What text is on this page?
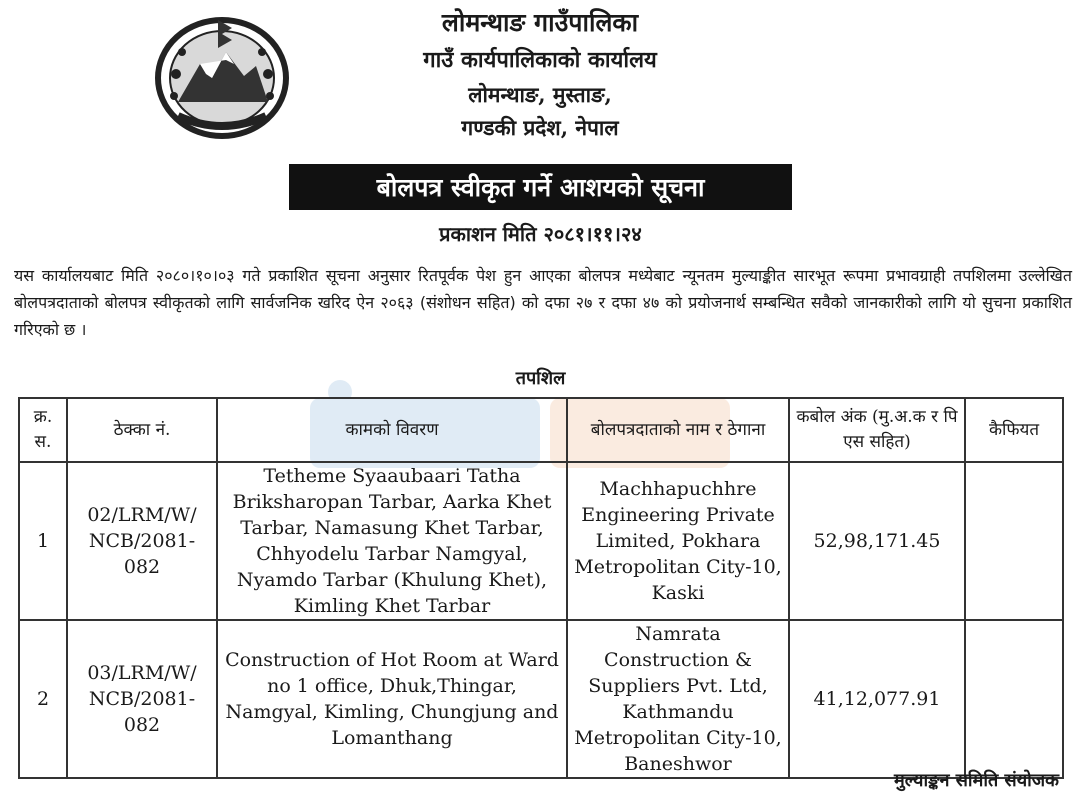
लोमन्थाङ गाउँपालिका
गाउँ कार्यपालिकाको कार्यालय
लोमन्थाङ, मुस्ताङ,
गण्डकी प्रदेश, नेपाल
बोलपत्र स्वीकृत गर्ने आशयको सूचना
प्रकाशन मिति २०८१।११।२४
यस कार्यालयबाट मिति २०८०।१०।०३ गते प्रकाशित सूचना अनुसार रितपूर्वक पेश हुन आएका बोलपत्र मध्येबाट न्यूनतम मुल्याङ्कीत सारभूत रूपमा प्रभावग्राही तपशिलमा उल्लेखित बोलपत्रदाताको बोलपत्र स्वीकृतको लागि सार्वजनिक खरिद ऐन २०६३ (संशोधन सहित) को दफा २७ र दफा ४७ को प्रयोजनार्थ सम्बन्धित सवैको जानकारीको लागि यो सुचना प्रकाशित गरिएको छ ।
तपशिल
क्र. स.	ठेक्का नं.	कामको विवरण	बोलपत्रदाताको नाम र ठेगाना	कबोल अंक (मु.अ.क र पि एस सहित)	कैफियत
1	02/LRM/W/ NCB/2081-082	Tetheme Syaaubaari Tatha Briksharopan Tarbar, Aarka Khet Tarbar, Namasung Khet Tarbar, Chhyodelu Tarbar Namgyal, Nyamdo Tarbar (Khulung Khet), Kimling Khet Tarbar	Machhapuchhre Engineering Private Limited, Pokhara Metropolitan City-10, Kaski	52,98,171.45	
2	03/LRM/W/ NCB/2081-082	Construction of Hot Room at Ward no 1 office, Dhuk,Thingar, Namgyal, Kimling, Chungjung and Lomanthang	Namrata Construction & Suppliers Pvt. Ltd, Kathmandu Metropolitan City-10, Baneshwor	41,12,077.91	
मुल्याङ्कन समिति संयोजक
